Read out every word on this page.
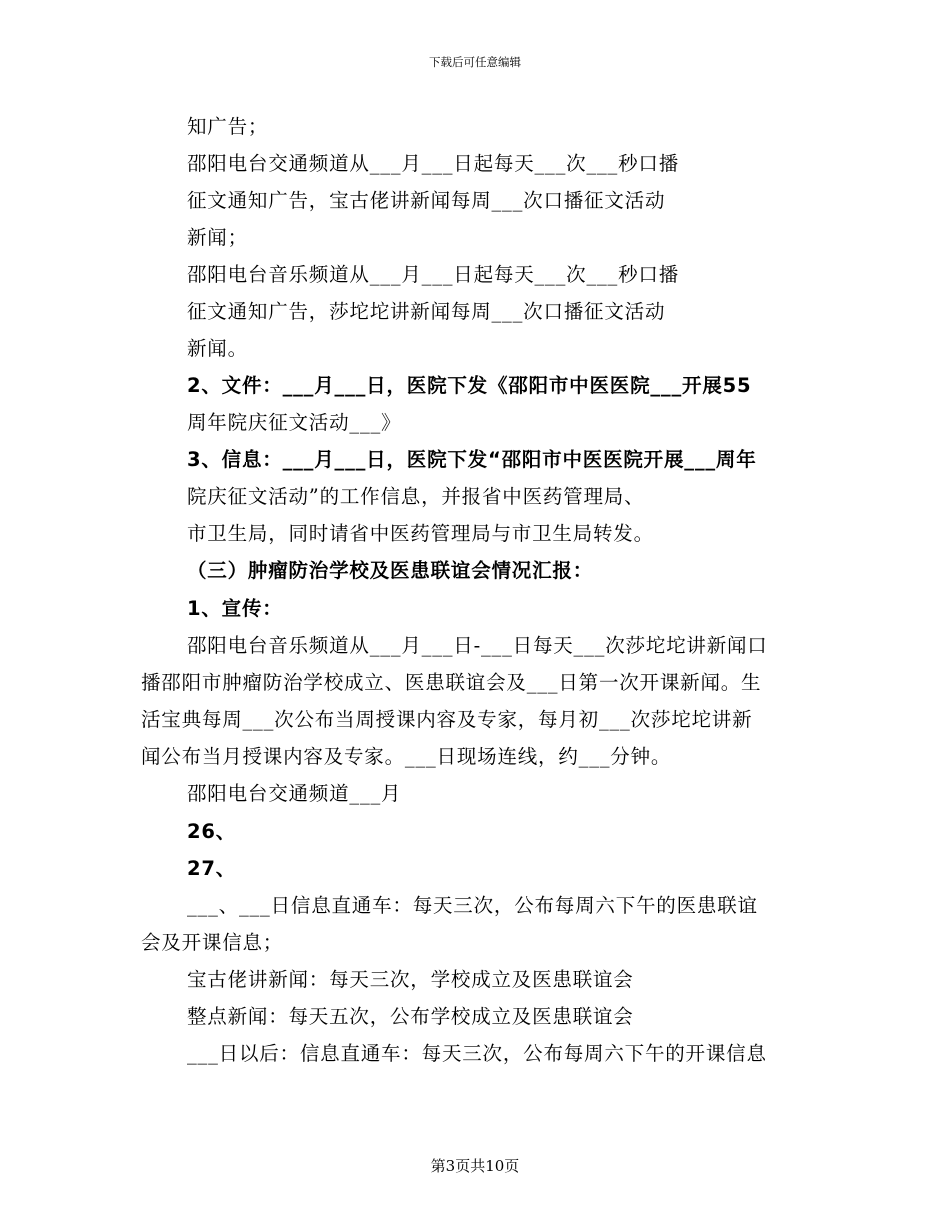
下载后可任意编辑

知广告；

邵阳电台交通频道从___月___日起每天___次___秒口播

征文通知广告，宝古佬讲新闻每周___次口播征文活动

新闻；

邵阳电台音乐频道从___月___日起每天___次___秒口播

征文通知广告，莎坨坨讲新闻每周___次口播征文活动

新闻。

2、文件：___月___日，医院下发《邵阳市中医医院___开展55

周年院庆征文活动___》

3、信息：___月___日，医院下发“邵阳市中医医院开展___周年

院庆征文活动”的工作信息，并报省中医药管理局、

市卫生局，同时请省中医药管理局与市卫生局转发。

（三）肿瘤防治学校及医患联谊会情况汇报：

1、宣传：

邵阳电台音乐频道从___月___日-___日每天___次莎坨坨讲新闻口

播邵阳市肿瘤防治学校成立、医患联谊会及___日第一次开课新闻。生

活宝典每周___次公布当周授课内容及专家，每月初___次莎坨坨讲新

闻公布当月授课内容及专家。___日现场连线，约___分钟。

邵阳电台交通频道___月

26、

27、

___、___日信息直通车：每天三次，公布每周六下午的医患联谊

会及开课信息；

宝古佬讲新闻：每天三次，学校成立及医患联谊会

整点新闻：每天五次，公布学校成立及医患联谊会

___日以后：信息直通车：每天三次，公布每周六下午的开课信息

第3页共10页
